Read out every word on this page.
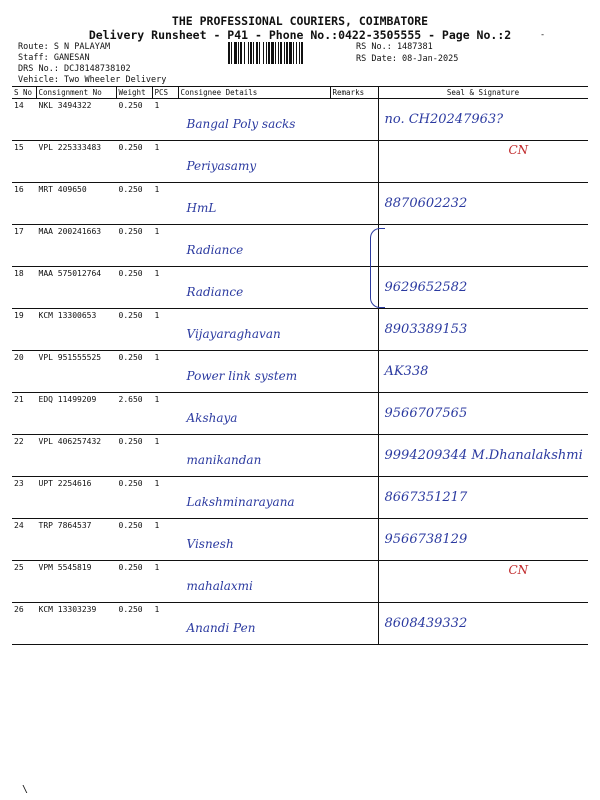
THE PROFESSIONAL COURIERS, COIMBATORE
Delivery Runsheet - P41 - Phone No.:0422-3505555 - Page No.:2	-
Route: S N PALAYAM
Staff: GANESAN
DRS No.: DCJ8148738102
Vehicle: Two Wheeler Delivery
RS No.: 1487381
RS Date: 08-Jan-2025
S No	Consignment No	Weight	PCS	Consignee Details	Remarks	Seal & Signature
14	NKL 3494322	0.250	1	Bangal Poly sacks		no. CH20247963?

15	VPL 225333483	0.250	1	Periyasamy		CN

16	MRT 409650	0.250	1	HmL		8870602232

17	MAA 200241663	0.250	1	Radiance		

18	MAA 575012764	0.250	1	Radiance		9629652582

19	KCM 13300653	0.250	1	Vijayaraghavan		8903389153

20	VPL 951555525	0.250	1	Power link system		AK338

21	EDQ 11499209	2.650	1	Akshaya		9566707565

22	VPL 406257432	0.250	1	manikandan		9994209344 M.Dhanalakshmi

23	UPT 2254616	0.250	1	Lakshminarayana		8667351217

24	TRP 7864537	0.250	1	Visnesh		9566738129

25	VPM 5545819	0.250	1	mahalaxmi		CN

26	KCM 13303239	0.250	1	Anandi Pen		8608439332
\
